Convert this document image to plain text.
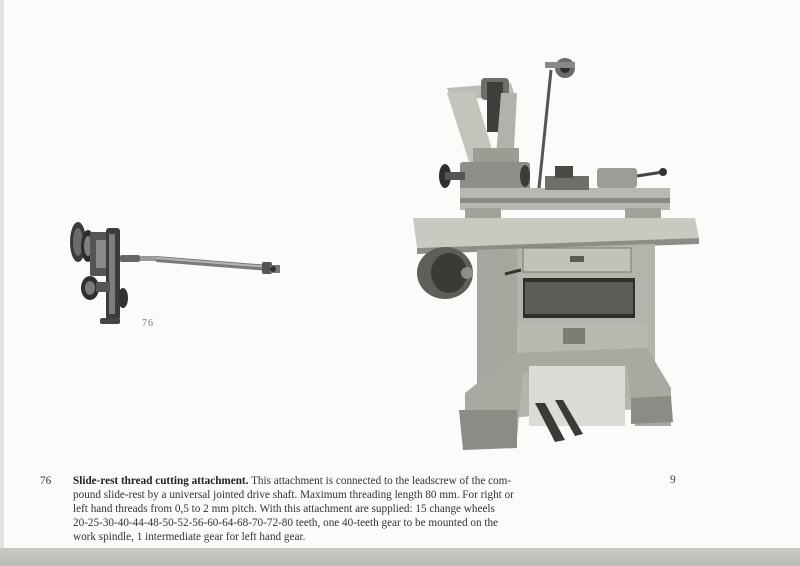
76
76	Slide-rest thread cutting attachment. This attachment is connected to the leadscrew of the com-
pound slide-rest by a universal jointed drive shaft. Maximum threading length 80 mm. For right or
left hand threads from 0,5 to 2 mm pitch. With this attachment are supplied: 15 change wheels
20-25-30-40-44-48-50-52-56-60-64-68-70-72-80 teeth, one 40-teeth gear to be mounted on the
work spindle, 1 intermediate gear for left hand gear.
9
